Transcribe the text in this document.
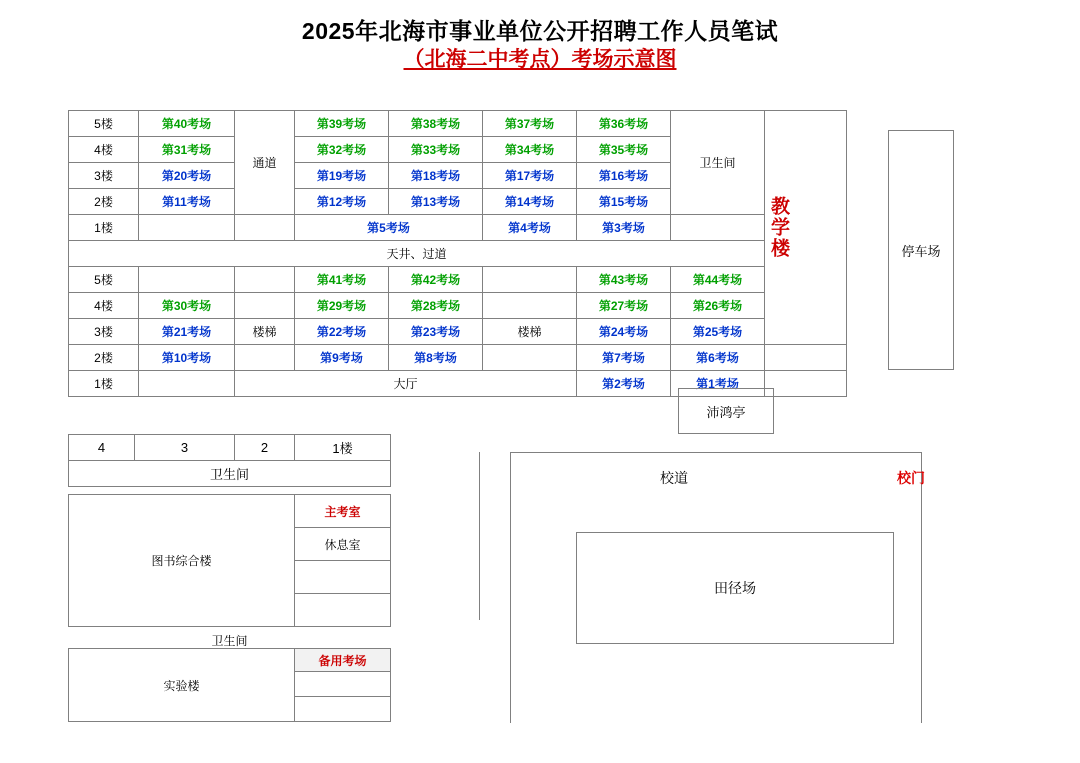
2025年北海市事业单位公开招聘工作人员笔试
（北海二中考点）考场示意图
5楼	第40考场	通道	第39考场	第38考场	第37考场	第36考场	卫生间	教学楼

4楼	第31考场		第32考场	第33考场	第34考场	第35考场		
3楼	第20考场		第19考场	第18考场	第17考场	第16考场		
2楼	第11考场		第12考场	第13考场	第14考场	第15考场		
1楼			第5考场		第4考场	第3考场		
天井、过道								
5楼			第41考场	第42考场		第43考场	第44考场	
4楼	第30考场		第29考场	第28考场		第27考场	第26考场	
3楼	第21考场	楼梯	第22考场	第23考场	楼梯	第24考场	第25考场	
2楼	第10考场		第9考场	第8考场		第7考场	第6考场	
1楼		大厅				第2考场	第1考场	
停车场
沛鸿亭
4	3	2	1楼
卫生间
图书综合楼	主考室
休息室

卫生间
实验楼	备用考场

校道	校门
田径场
